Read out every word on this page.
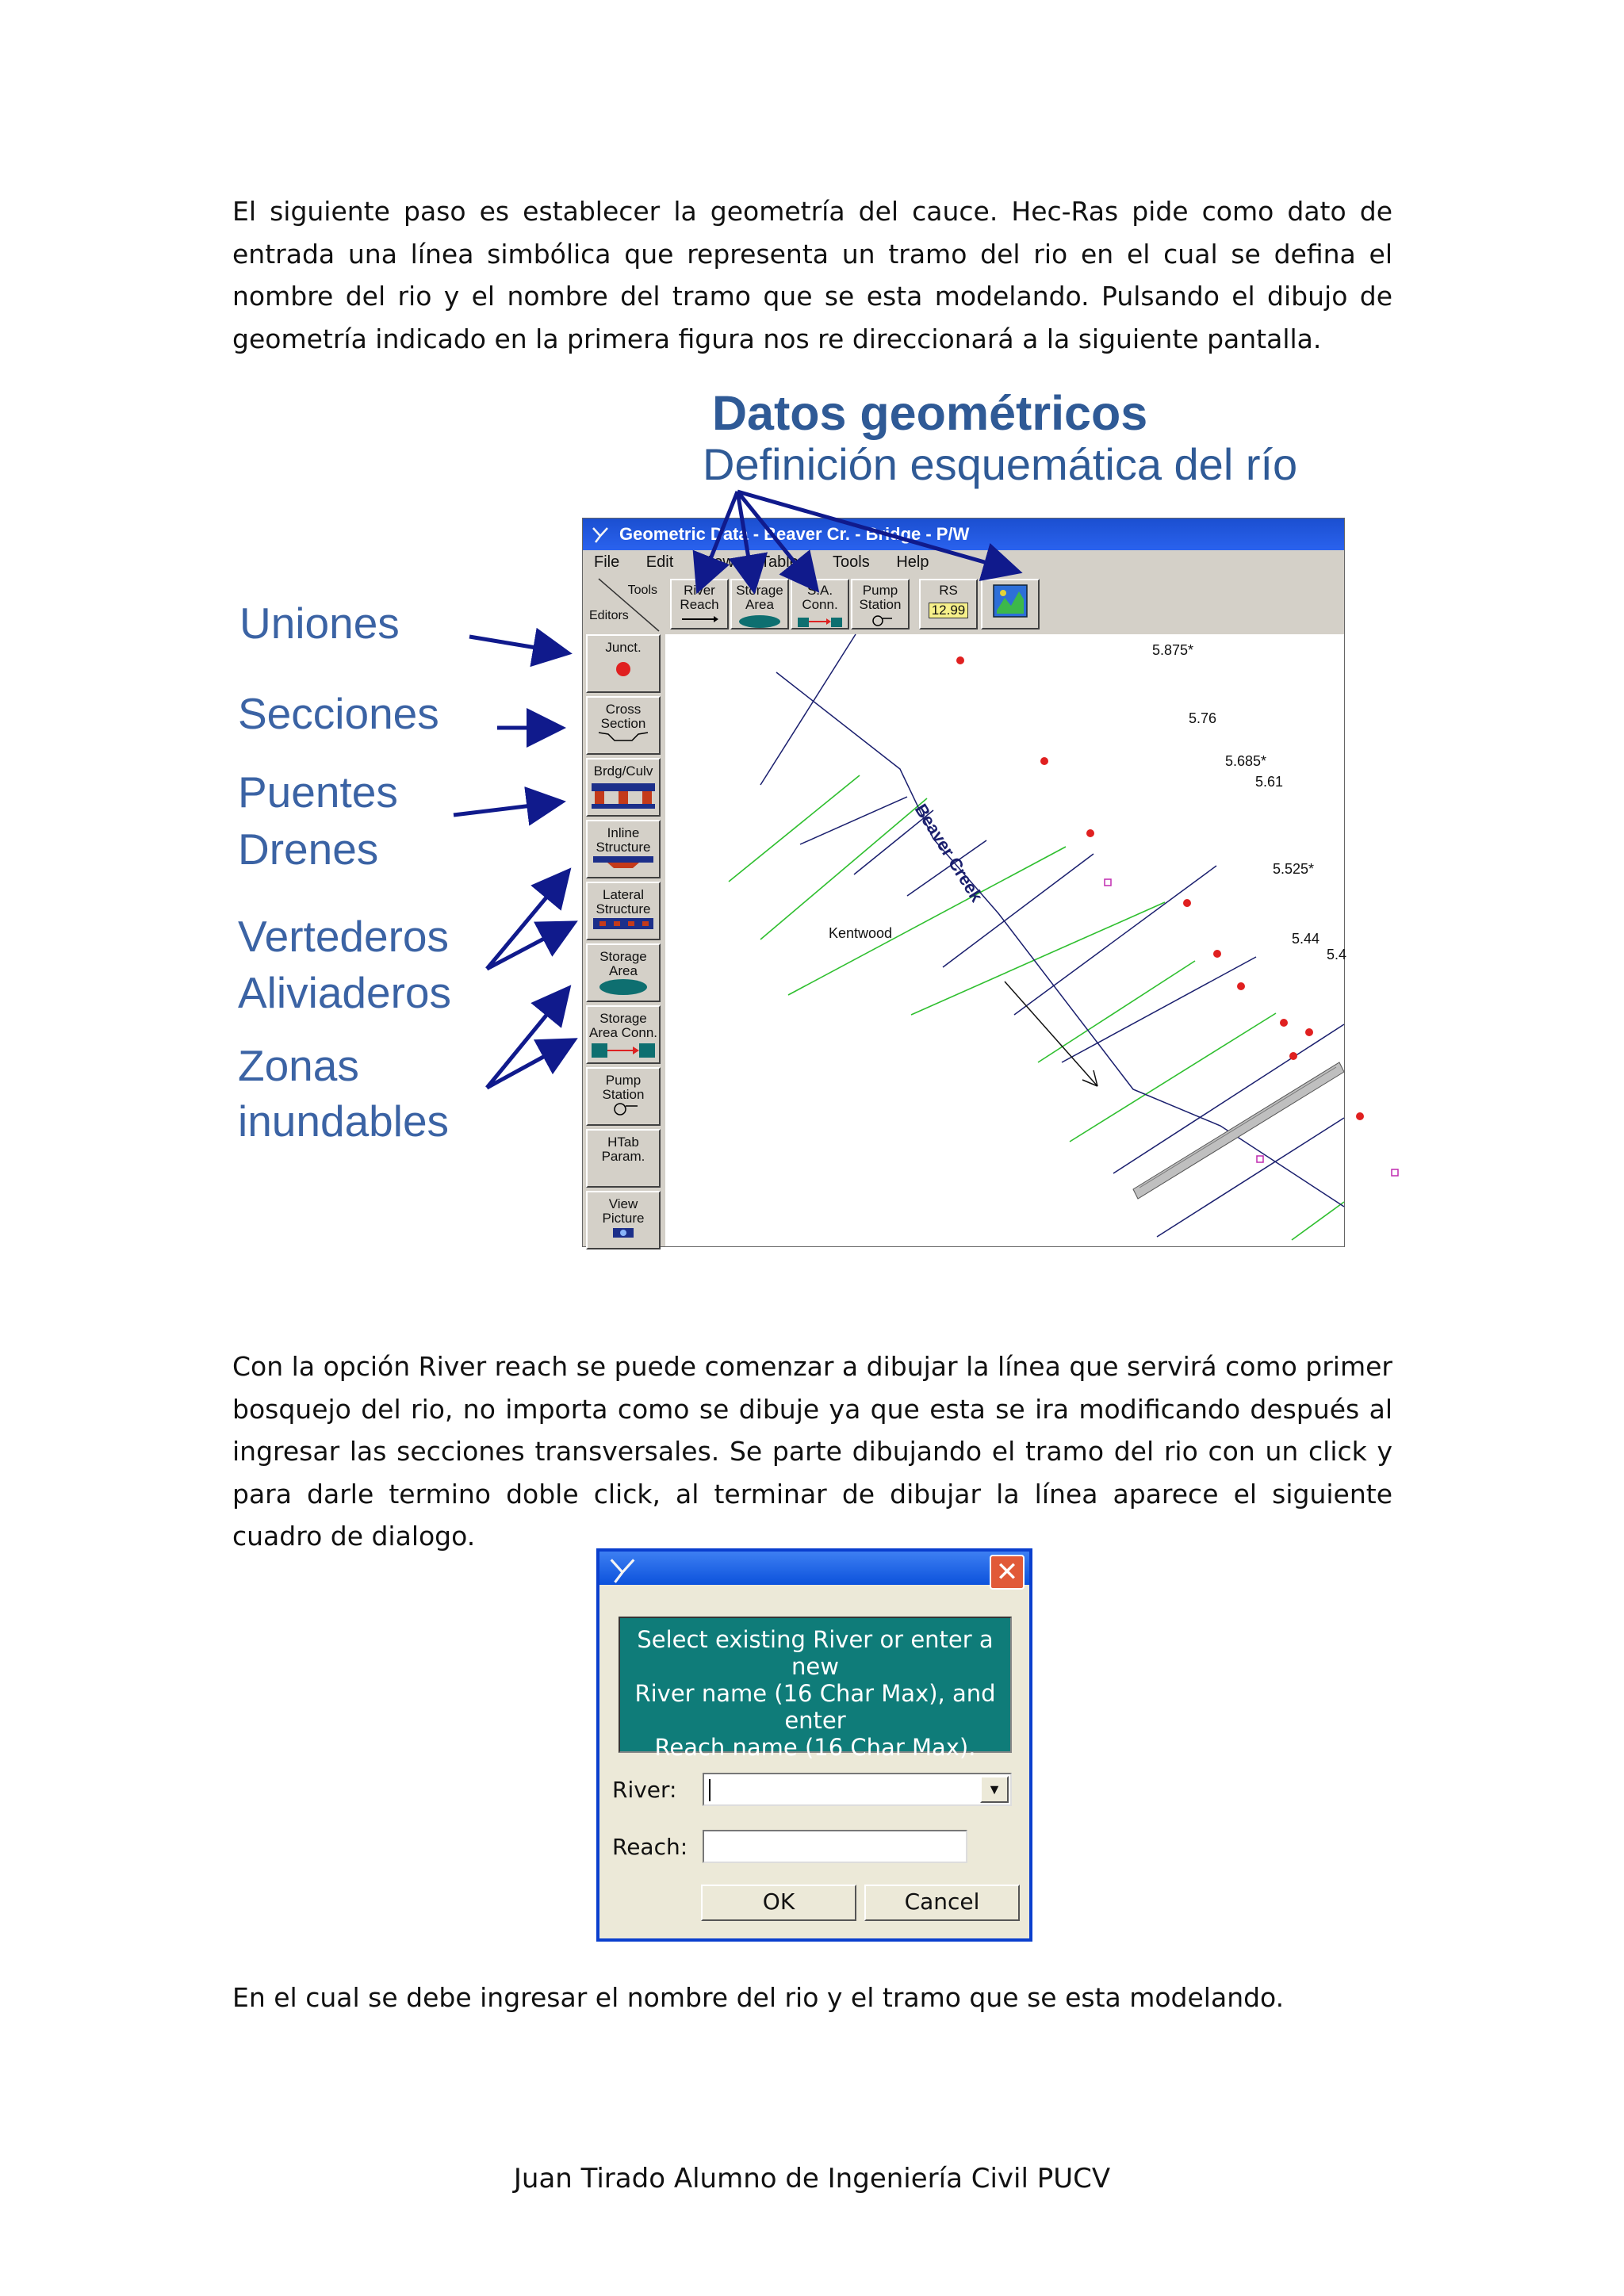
El siguiente paso es establecer la geometría del cauce. Hec-Ras pide como dato de entrada una línea simbólica que representa un tramo del rio en el cual se defina el nombre del rio y el nombre del tramo que se esta modelando. Pulsando el dibujo de geometría indicado en la primera figura nos re direccionará a la siguiente pantalla.

Datos geométricos
Definición esquemática del río
Uniones
Secciones
Puentes
Drenes
Vertederos
Aliviaderos
Zonas
inundables
Geometric Data - Beaver Cr. - Bridge - P/W
File Edit View Tables Tools Help
Tools
Editors
River
Reach
Storage
Area
S.A.
Conn.
Pump
Station
RS
12.99
Junct.

Cross
Section

Brdg/Culv

Inline
Structure

Lateral
Structure

Storage
Area

Storage
Area Conn.

Pump
Station

HTab
Param.
View
Picture

5.875*
5.76
5.685*
5.61
5.525*
5.44
5.4
Kentwood
Beaver Creek

Con la opción River reach se puede comenzar a dibujar la línea que servirá como primer bosquejo del rio, no importa como se dibuje ya que esta se ira modificando después al ingresar las secciones transversales. Se parte dibujando el tramo del rio con un click y para darle termino doble click, al terminar de dibujar la línea aparece el siguiente cuadro de dialogo.

✕
Select existing River or enter a new
River name (16 Char Max), and enter
Reach name (16 Char Max).
River:	▼
Reach:
OK	Cancel

En el cual se debe ingresar el nombre del rio y el tramo que se esta modelando.

Juan Tirado Alumno de Ingeniería Civil PUCV
